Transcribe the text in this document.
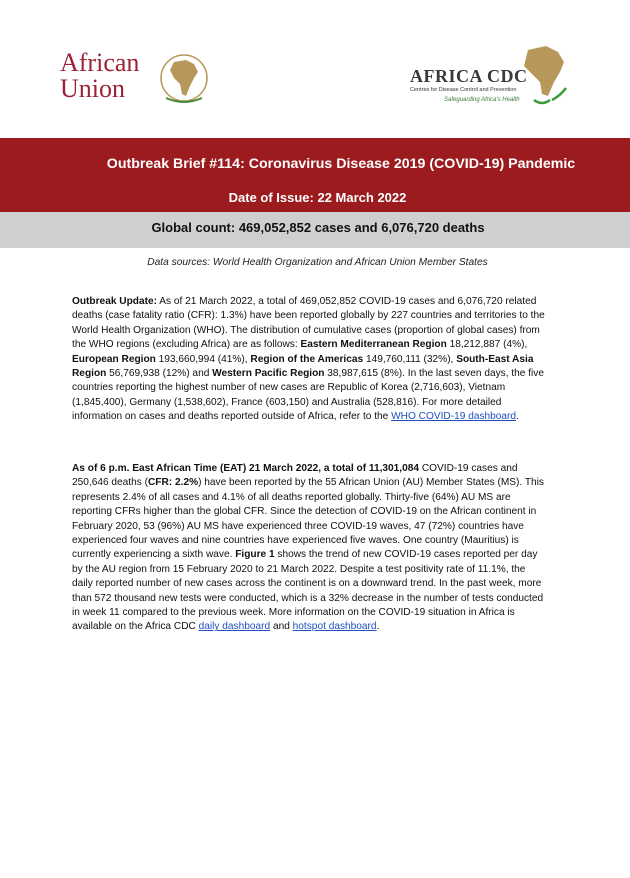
African
Union	AFRICA CDC
Centres for Disease Control and Prevention
Safeguarding Africa's Health
Outbreak Brief #114: Coronavirus Disease 2019 (COVID-19) Pandemic
Date of Issue: 22 March 2022
Global count: 469,052,852 cases and 6,076,720 deaths
Data sources: World Health Organization and African Union Member States
Outbreak Update: As of 21 March 2022, a total of 469,052,852 COVID-19 cases and 6,076,720 related deaths (case fatality ratio (CFR): 1.3%) have been reported globally by 227 countries and territories to the World Health Organization (WHO). The distribution of cumulative cases (proportion of global cases) from the WHO regions (excluding Africa) are as follows: Eastern Mediterranean Region 18,212,887 (4%), European Region 193,660,994 (41%), Region of the Americas 149,760,111 (32%), South-East Asia Region 56,769,938 (12%) and Western Pacific Region 38,987,615 (8%). In the last seven days, the five countries reporting the highest number of new cases are Republic of Korea (2,716,603), Vietnam (1,845,400), Germany (1,538,602), France (603,150) and Australia (528,816). For more detailed information on cases and deaths reported outside of Africa, refer to the WHO COVID-19 dashboard.
As of 6 p.m. East African Time (EAT) 21 March 2022, a total of 11,301,084 COVID-19 cases and 250,646 deaths (CFR: 2.2%) have been reported by the 55 African Union (AU) Member States (MS). This represents 2.4% of all cases and 4.1% of all deaths reported globally. Thirty-five (64%) AU MS are reporting CFRs higher than the global CFR. Since the detection of COVID-19 on the African continent in February 2020, 53 (96%) AU MS have experienced three COVID-19 waves, 47 (72%) countries have experienced four waves and nine countries have experienced five waves. One country (Mauritius) is currently experiencing a sixth wave. Figure 1 shows the trend of new COVID-19 cases reported per day by the AU region from 15 February 2020 to 21 March 2022. Despite a test positivity rate of 11.1%, the daily reported number of new cases across the continent is on a downward trend. In the past week, more than 572 thousand new tests were conducted, which is a 32% decrease in the number of tests conducted in week 11 compared to the previous week. More information on the COVID-19 situation in Africa is available on the Africa CDC daily dashboard and hotspot dashboard.
